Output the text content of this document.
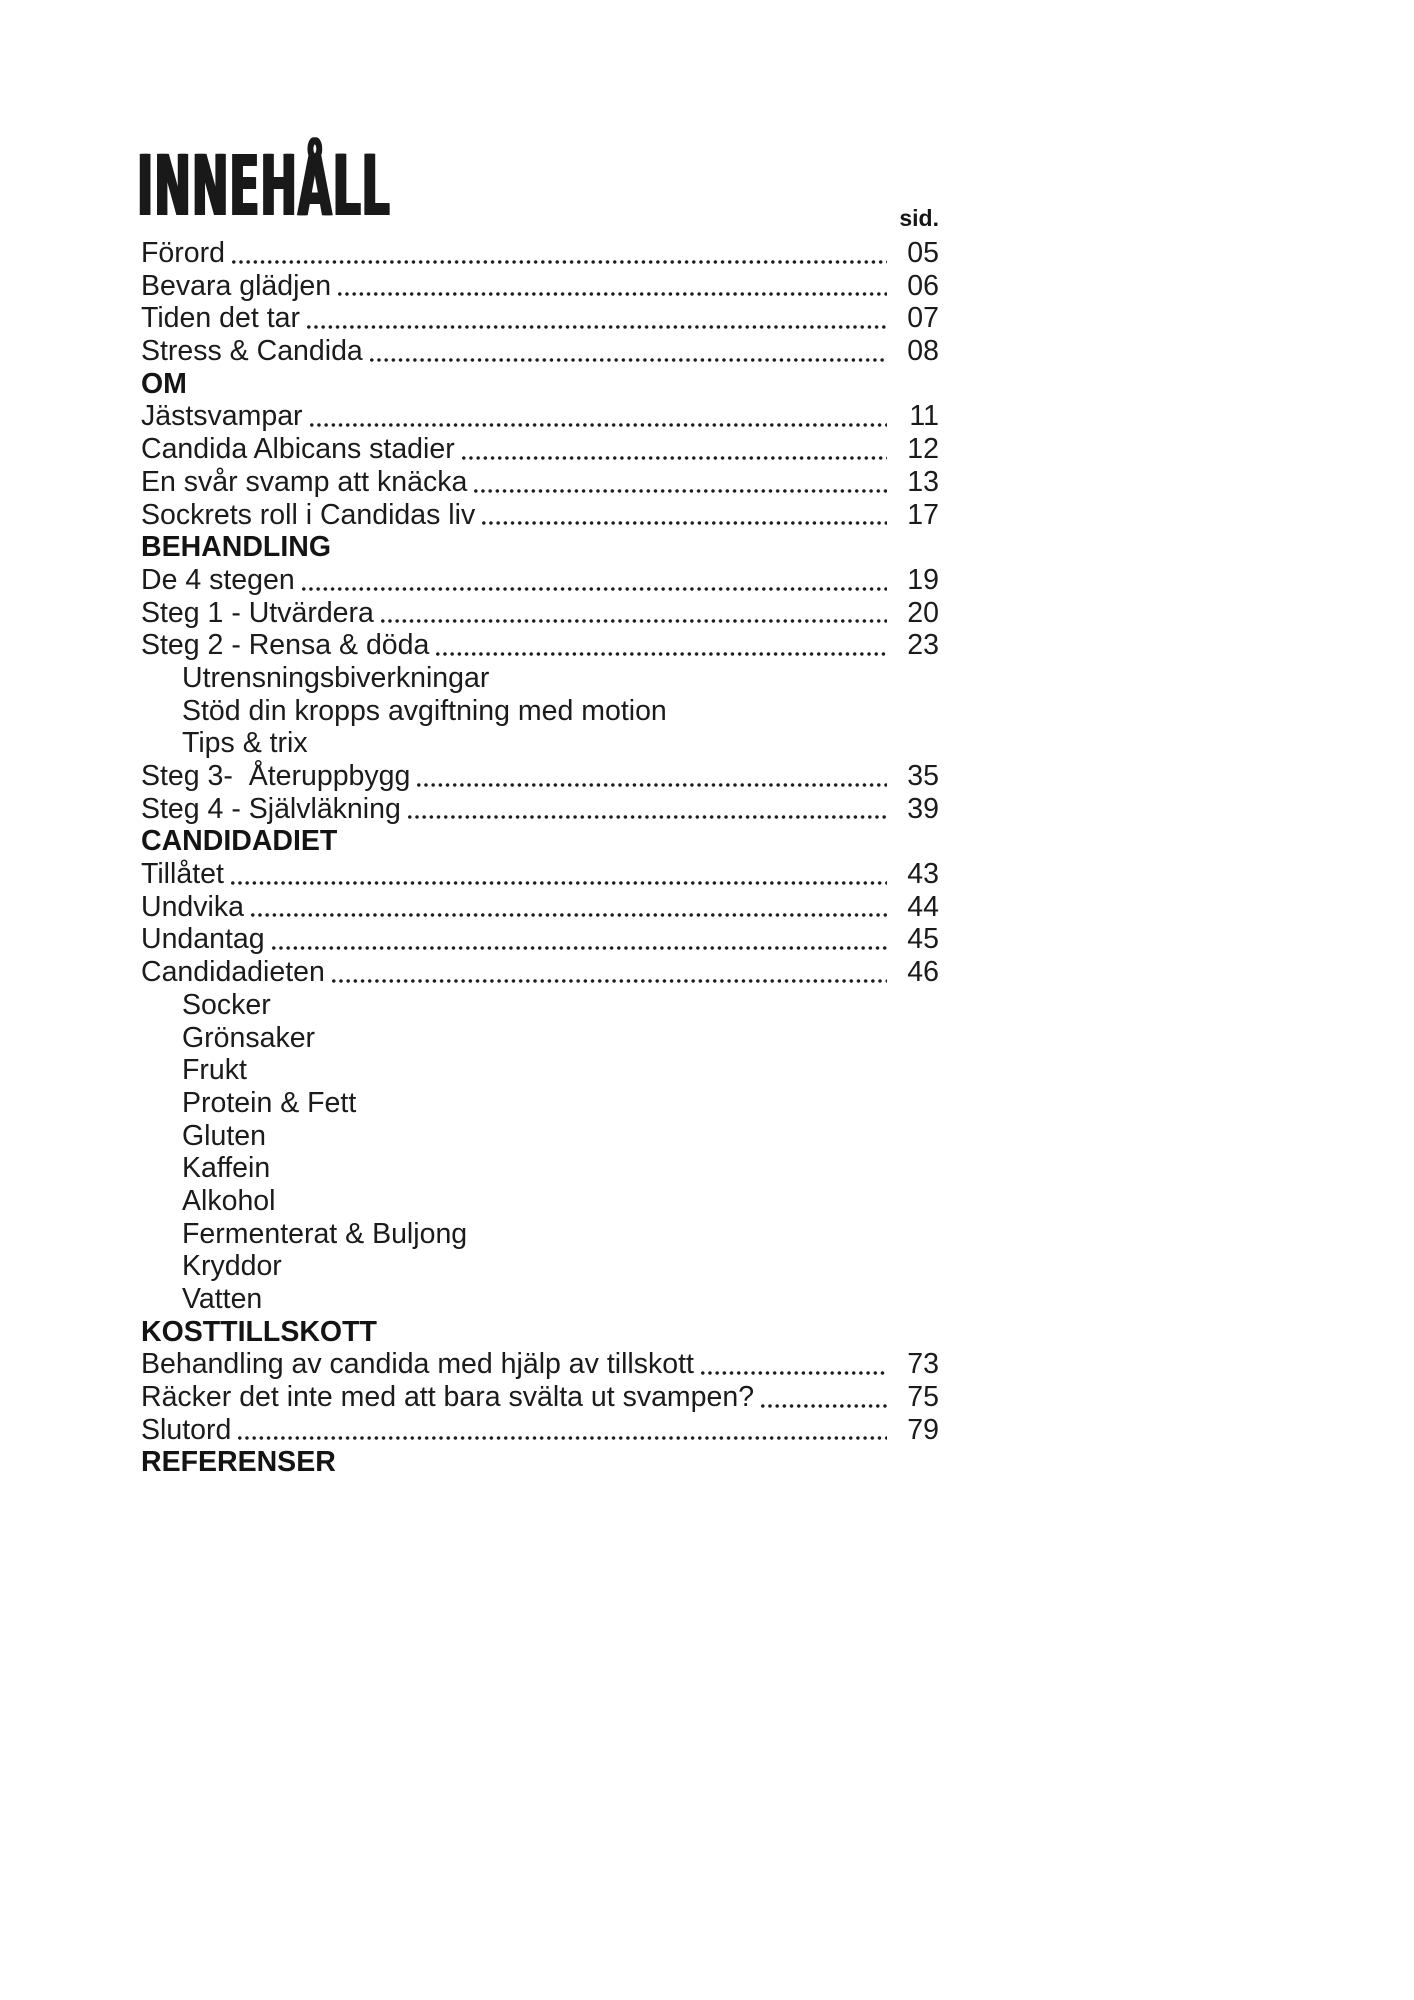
INNEHÅLL	sid.
Förord	05
Bevara glädjen	06
Tiden det tar	07
Stress & Candida	08
OM
Jästsvampar	11
Candida Albicans stadier	12
En svår svamp att knäcka	13
Sockrets roll i Candidas liv	17
BEHANDLING
De 4 stegen	19
Steg 1 - Utvärdera	20
Steg 2 - Rensa & döda	23
Utrensningsbiverkningar
Stöd din kropps avgiftning med motion
Tips & trix
Steg 3-  Återuppbygg	35
Steg 4 - Självläkning	39
CANDIDADIET
Tillåtet	43
Undvika	44
Undantag	45
Candidadieten	46
Socker
Grönsaker
Frukt
Protein & Fett
Gluten
Kaffein
Alkohol
Fermenterat & Buljong
Kryddor
Vatten
KOSTTILLSKOTT
Behandling av candida med hjälp av tillskott	73
Räcker det inte med att bara svälta ut svampen?	75
Slutord	79
REFERENSER
